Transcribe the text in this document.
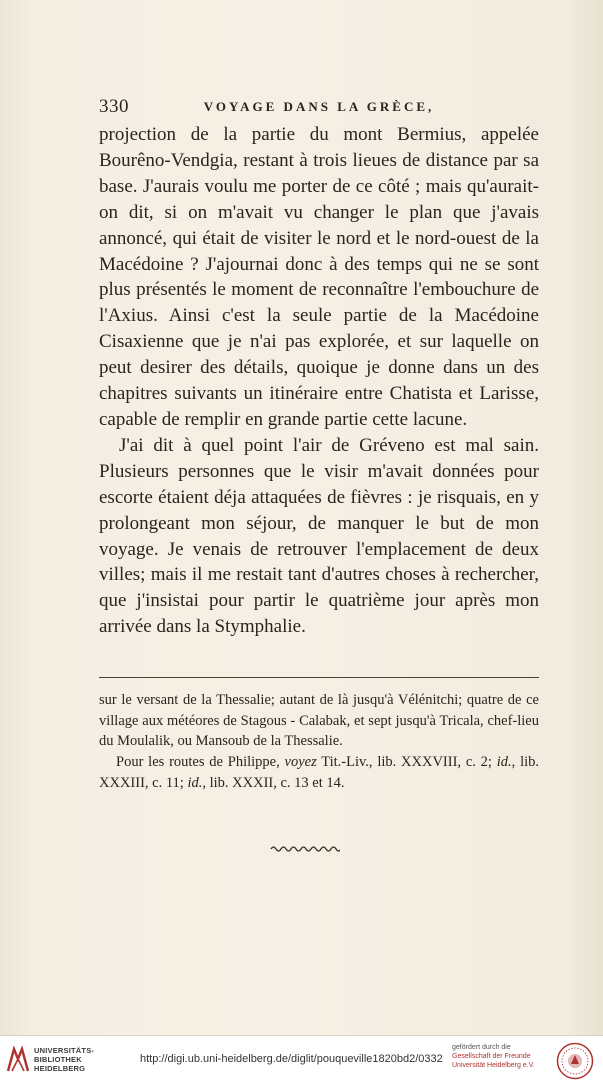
330	VOYAGE DANS LA GRÈCE,

projection de la partie du mont Bermius, appelée Bourêno-Vendgia, restant à trois lieues de distance par sa base. J'aurais voulu me porter de ce côté ; mais qu'aurait-on dit, si on m'avait vu changer le plan que j'avais annoncé, qui était de visiter le nord et le nord-ouest de la Macédoine ? J'ajournai donc à des temps qui ne se sont plus présentés le moment de reconnaître l'embouchure de l'Axius. Ainsi c'est la seule partie de la Macédoine Cisaxienne que je n'ai pas explorée, et sur laquelle on peut desirer des détails, quoique je donne dans un des chapitres suivants un itinéraire entre Chatista et Larisse, capable de remplir en grande partie cette lacune.

J'ai dit à quel point l'air de Gréveno est mal sain. Plusieurs personnes que le visir m'avait données pour escorte étaient déja attaquées de fièvres : je risquais, en y prolongeant mon séjour, de manquer le but de mon voyage. Je venais de retrouver l'emplacement de deux villes; mais il me restait tant d'autres choses à rechercher, que j'insistai pour partir le quatrième jour après mon arrivée dans la Stymphalie.

sur le versant de la Thessalie; autant de là jusqu'à Vélénitchi; quatre de ce village aux météores de Stagous - Calabak, et sept jusqu'à Tricala, chef-lieu du Moulalik, ou Mansoub de la Thessalie.

Pour les routes de Philippe, voyez Tit.-Liv., lib. XXXVIII, c. 2; id., lib. XXXIII, c. 11; id., lib. XXXII, c. 13 et 14.

UNIVERSITÄTS-
BIBLIOTHEK
HEIDELBERG
http://digi.ub.uni-heidelberg.de/diglit/pouqueville1820bd2/0332
gefördert durch die
Gesellschaft der Freunde
Universität Heidelberg e.V.
